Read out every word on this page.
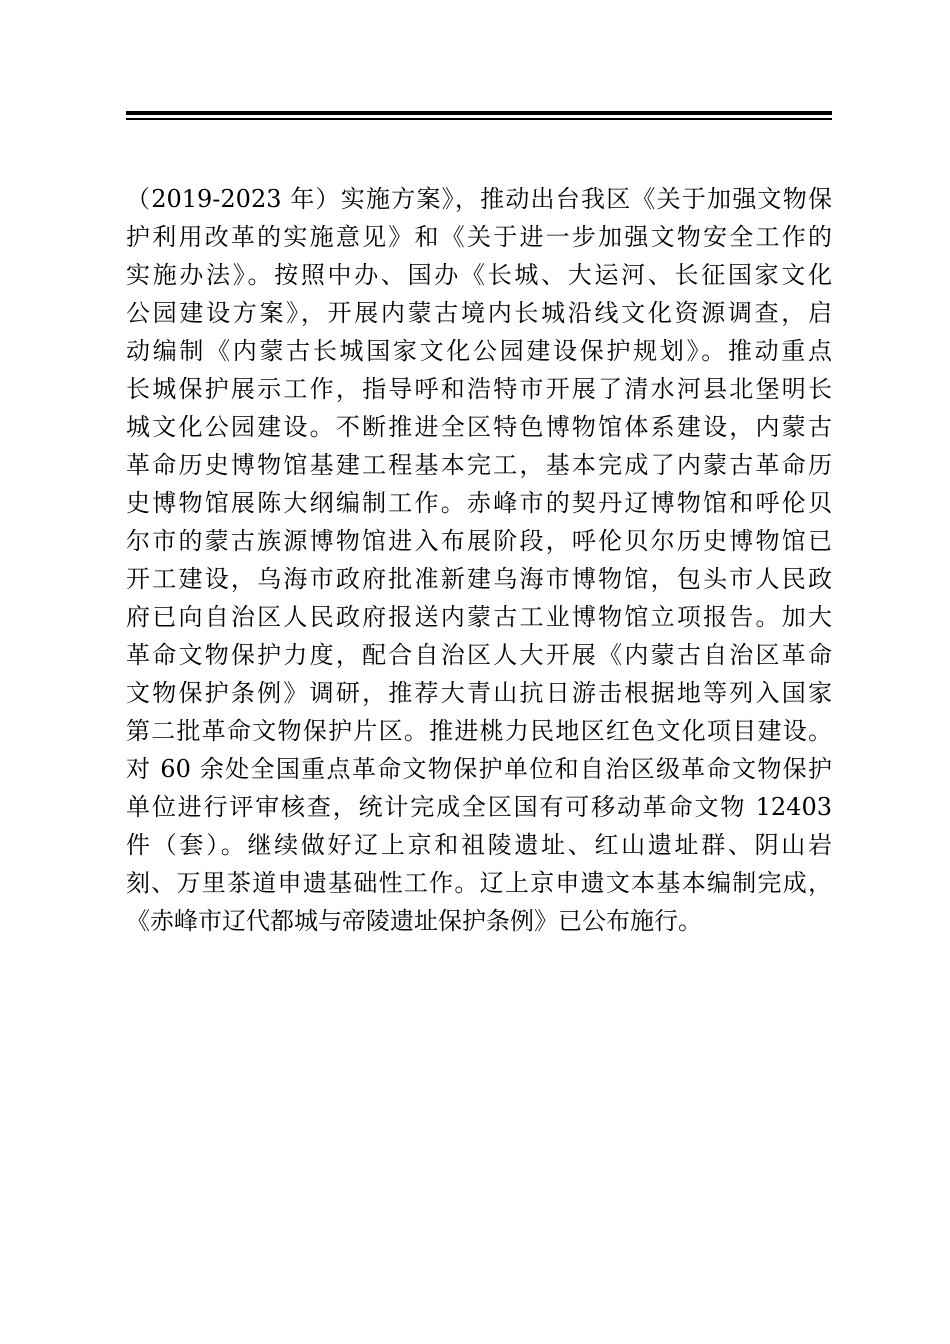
（2019-2023 年）实施方案》，推动出台我区《关于加强文物保
护利用改革的实施意见》和《关于进一步加强文物安全工作的
实施办法》。按照中办、国办《长城、大运河、长征国家文化
公园建设方案》，开展内蒙古境内长城沿线文化资源调查，启
动编制《内蒙古长城国家文化公园建设保护规划》。推动重点
长城保护展示工作，指导呼和浩特市开展了清水河县北堡明长
城文化公园建设。不断推进全区特色博物馆体系建设，内蒙古
革命历史博物馆基建工程基本完工，基本完成了内蒙古革命历
史博物馆展陈大纲编制工作。赤峰市的契丹辽博物馆和呼伦贝
尔市的蒙古族源博物馆进入布展阶段，呼伦贝尔历史博物馆已
开工建设，乌海市政府批准新建乌海市博物馆，包头市人民政
府已向自治区人民政府报送内蒙古工业博物馆立项报告。加大
革命文物保护力度，配合自治区人大开展《内蒙古自治区革命
文物保护条例》调研，推荐大青山抗日游击根据地等列入国家
第二批革命文物保护片区。推进桃力民地区红色文化项目建设。
对 60 余处全国重点革命文物保护单位和自治区级革命文物保护
单位进行评审核查，统计完成全区国有可移动革命文物 12403
件（套）。继续做好辽上京和祖陵遗址、红山遗址群、阴山岩
刻、万里茶道申遗基础性工作。辽上京申遗文本基本编制完成，
《赤峰市辽代都城与帝陵遗址保护条例》已公布施行。
